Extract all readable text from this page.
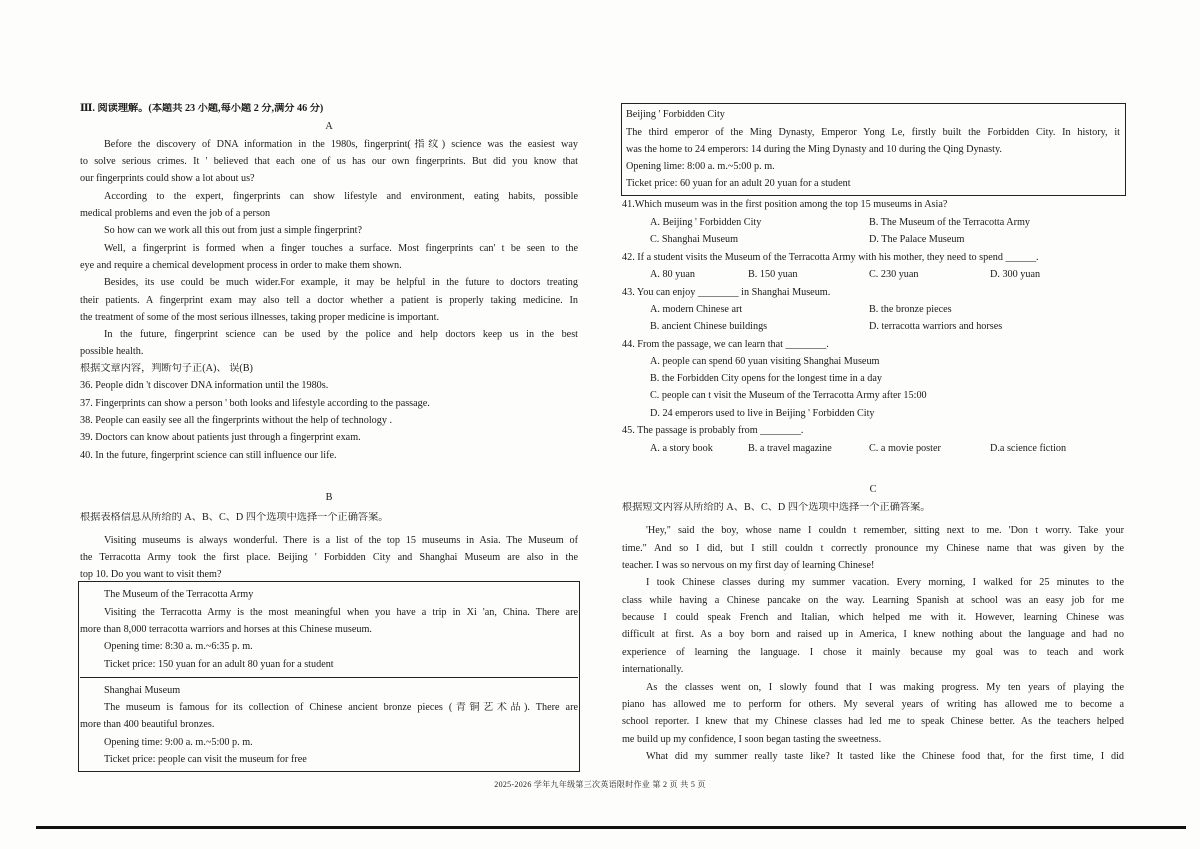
Ⅲ. 阅读理解。(本题共 23 小题,每小题 2 分,满分 46 分)
A
Before the discovery of DNA information in the 1980s, fingerprint(指纹) science was the easiest way
to solve serious crimes. It ' believed that each one of us has our own fingerprints. But did you know that
our fingerprints could show a lot about us?
According to the expert, fingerprints can show lifestyle and environment, eating habits, possible
medical problems and even the job of a person
So how can we work all this out from just a simple fingerprint?
Well, a fingerprint is formed when a finger touches a surface. Most fingerprints can' t be seen to the
eye and require a chemical development process in order to make them shown.
Besides, its use could be much wider.For example, it may be helpful in the future to doctors treating
their patients. A fingerprint exam may also tell a doctor whether a patient is properly taking medicine. In
the treatment of some of the most serious illnesses, taking proper medicine is important.
In the future, fingerprint science can be used by the police and help doctors keep us in the best
possible health.
根据文章内容，判断句子正(A)、 误(B)
36. People didn 't discover DNA information until the 1980s.
37. Fingerprints can show a person ' both looks and lifestyle according to the passage.
38. People can easily see all the fingerprints without the help of technology .
39. Doctors can know about patients just through a fingerprint exam.
40. In the future, fingerprint science can still influence our life.
B
根据表格信息从所给的 A、B、C、D 四个选项中选择一个正确答案。
Visiting museums is always wonderful. There is a list of the top 15 museums in Asia. The Museum of
the Terracotta Army took the first place. Beijing ' Forbidden City and Shanghai Museum are also in the
top 10. Do you want to visit them?
The Museum of the Terracotta Army
Visiting the Terracotta Army is the most meaningful when you have a trip in Xi 'an, China. There are
more than 8,000 terracotta warriors and horses at this Chinese museum.
Opening time: 8:30 a. m.~6:35 p. m.
Ticket price: 150 yuan for an adult 80 yuan for a student
Shanghai Museum
The museum is famous for its collection of Chinese ancient bronze pieces (青铜艺术品). There are
more than 400 beautiful bronzes.
Opening time: 9:00 a. m.~5:00 p. m.
Ticket price: people can visit the museum for free
Beijing ' Forbidden City
The third emperor of the Ming Dynasty, Emperor Yong Le, firstly built the Forbidden City. In history, it
was the home to 24 emperors: 14 during the Ming Dynasty and 10 during the Qing Dynasty.
Opening lime: 8:00 a. m.~5:00 p. m.
Ticket price: 60 yuan for an adult 20 yuan for a student
41.Which museum was in the first position among the top 15 museums in Asia?
A. Beijing ' Forbidden City	B. The Museum of the Terracotta Army
C. Shanghai Museum	D. The Palace Museum
42. If a student visits the Museum of the Terracotta Army with his mother, they need to spend ______.
A. 80 yuan	B. 150 yuan	C. 230 yuan	D. 300 yuan
43. You can enjoy ________ in Shanghai Museum.
A. modern Chinese art	B. the bronze pieces
B. ancient Chinese buildings	D. terracotta warriors and horses
44. From the passage, we can learn that ________.
A. people can spend 60 yuan visiting Shanghai Museum
B. the Forbidden City opens for the longest time in a day
C. people can t visit the Museum of the Terracotta Army after 15:00
D. 24 emperors used to live in Beijing ' Forbidden City
45. The passage is probably from ________.
A. a story book	B. a travel magazine	C. a movie poster	D.a science fiction
C
根据短文内容从所给的 A、B、C、D 四个选项中选择一个正确答案。
'Hey," said the boy, whose name I couldn t remember, sitting next to me. 'Don t worry. Take your
time." And so I did, but I still couldn t correctly pronounce my Chinese name that was given by the
teacher. I was so nervous on my first day of learning Chinese!
I took Chinese classes during my summer vacation. Every morning, I walked for 25 minutes to the
class while having a Chinese pancake on the way. Learning Spanish at school was an easy job for me
because I could speak French and Italian, which helped me with it. However, learning Chinese was
difficult at first. As a boy born and raised up in America, I knew nothing about the language and had no
experience of learning the language. I chose it mainly because my goal was to teach and work
internationally.
As the classes went on, I slowly found that I was making progress. My ten years of playing the
piano has allowed me to perform for others. My several years of writing has allowed me to become a
school reporter. I knew that my Chinese classes had led me to speak Chinese better. As the teachers helped
me build up my confidence, I soon began tasting the sweetness.
What did my summer really taste like? It tasted like the Chinese food that, for the first time, I did
2025-2026 学年九年级第三次英语限时作业 第 2 页 共 5 页
